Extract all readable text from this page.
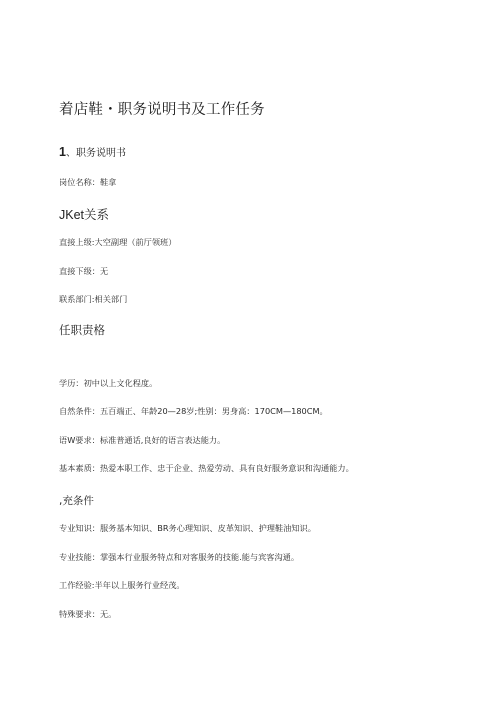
着店鞋・职务说明书及工作任务
1、职务说明书
岗位名称：鞋拿
JKet关系
直接上级:大空副理（前厅领班）
直接下级：无
联系部门:相关部门
任职责格
学历：初中以上文化程度。
自然条件：五百端正、年龄20—28岁;性别：男身高：170CM—180CM。
语W要求：标准普通话,良好的语言表达能力。
基本素质：热爱本职工作、忠于企业、热爱劳动、具有良好服务意识和沟通能力。
,充条件
专业知识：服务基本知识、BR务心理知识、皮革知识、护理鞋油知识。
专业技能：掌强本行业服务特点和对客服务的技能.能与宾客沟通。
工作经验:半年以上服务行业经茂。
特殊要求：无。
